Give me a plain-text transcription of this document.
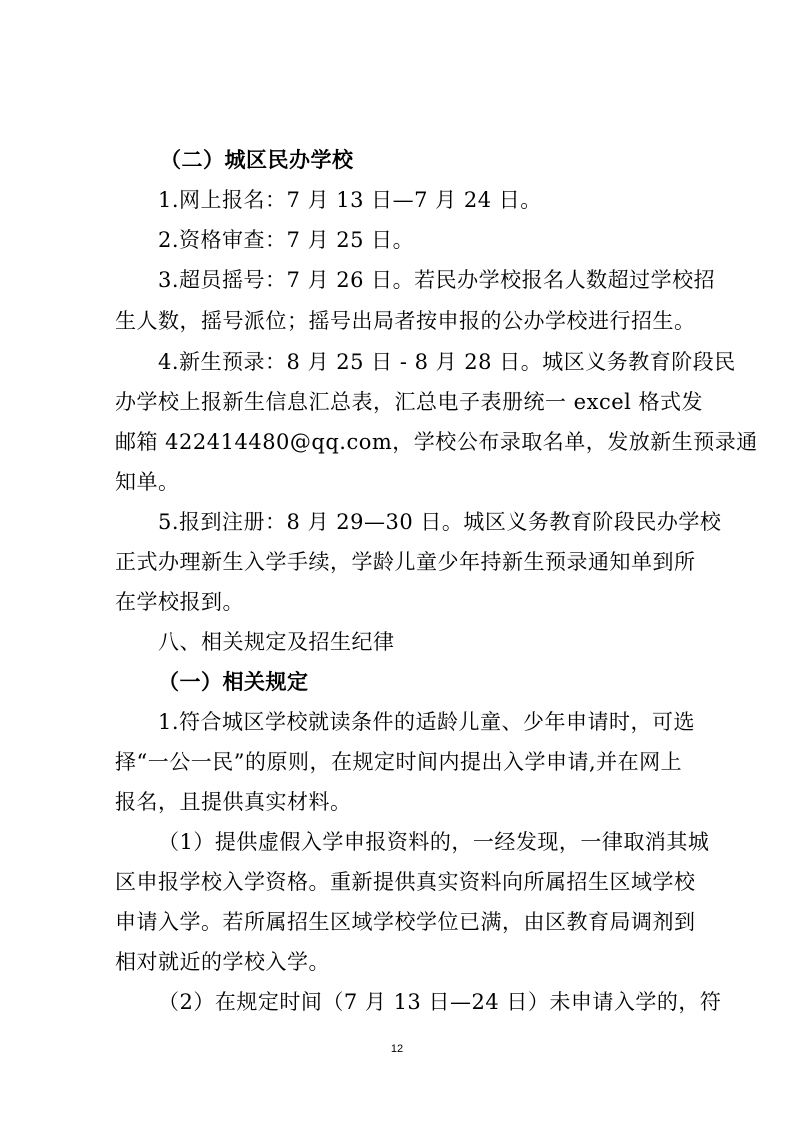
（二）城区民办学校
1.网上报名：7 月 13 日—7 月 24 日。
2.资格审查：7 月 25 日。
3.超员摇号：7 月 26 日。若民办学校报名人数超过学校招
生人数，摇号派位；摇号出局者按申报的公办学校进行招生。
4.新生预录：8 月 25 日 - 8 月 28 日。城区义务教育阶段民
办学校上报新生信息汇总表，汇总电子表册统一 excel 格式发
邮箱 422414480@qq.com，学校公布录取名单，发放新生预录通
知单。
5.报到注册：8 月 29—30 日。城区义务教育阶段民办学校
正式办理新生入学手续，学龄儿童少年持新生预录通知单到所
在学校报到。
八、相关规定及招生纪律
（一）相关规定
1.符合城区学校就读条件的适龄儿童、少年申请时，可选
择“一公一民”的原则，在规定时间内提出入学申请,并在网上
报名，且提供真实材料。
（1）提供虚假入学申报资料的，一经发现，一律取消其城
区申报学校入学资格。重新提供真实资料向所属招生区域学校
申请入学。若所属招生区域学校学位已满，由区教育局调剂到
相对就近的学校入学。
（2）在规定时间（7 月 13 日—24 日）未申请入学的，符
12
